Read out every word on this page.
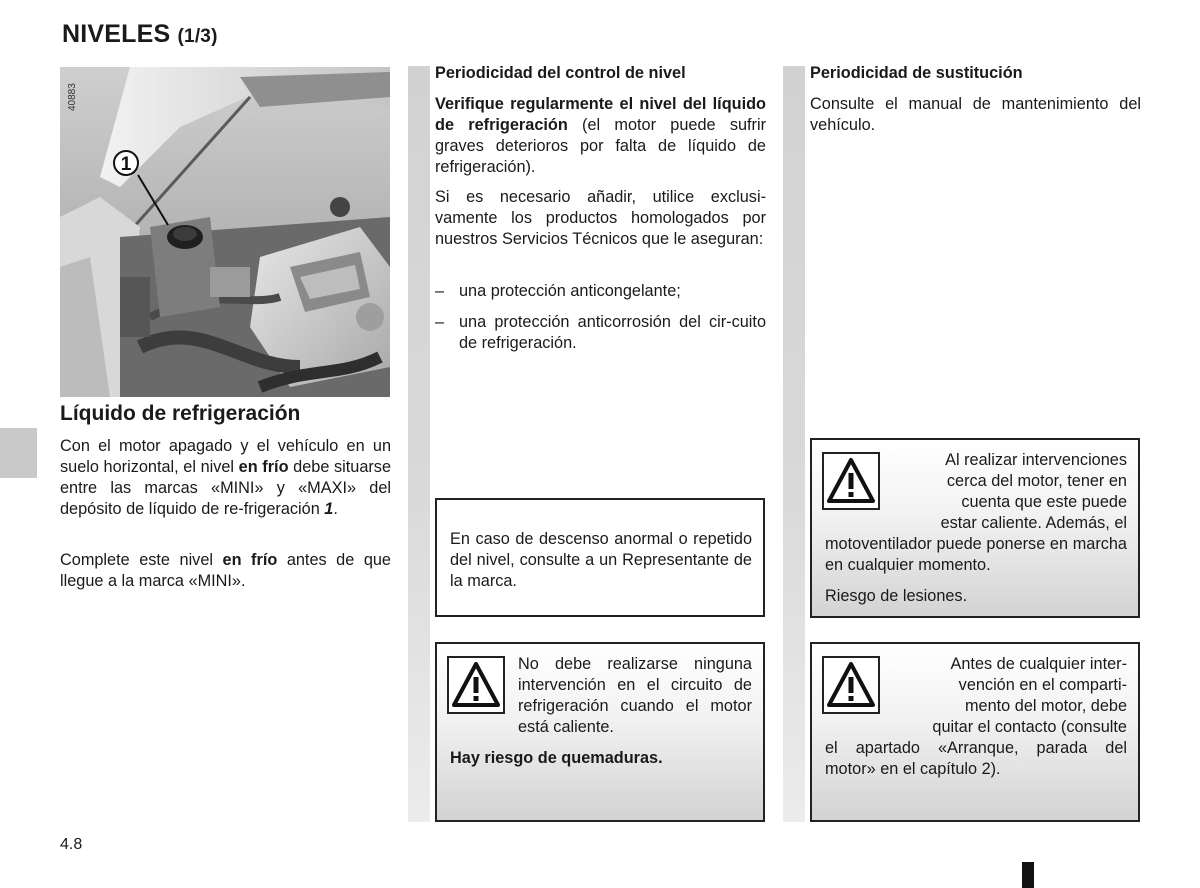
NIVELES (1/3)
1
40883
Líquido de refrigeración
Con el motor apagado y el vehículo en un suelo horizontal, el nivel en frío debe situarse entre las marcas «MINI» y «MAXI» del depósito de líquido de re-frigeración 1.
Complete este nivel en frío antes de que llegue a la marca «MINI».
Periodicidad del control de nivel
Verifique regularmente el nivel del líquido de refrigeración (el motor puede sufrir graves deterioros por falta de líquido de refrigeración).
Si es necesario añadir, utilice exclusi-vamente los productos homologados por nuestros Servicios Técnicos que le aseguran:
– una protección anticongelante;
– una protección anticorrosión del cir-cuito de refrigeración.
En caso de descenso anormal o repetido del nivel, consulte a un Representante de la marca.
No debe realizarse ninguna intervención en el circuito de refrigeración cuando el motor está caliente.
Hay riesgo de quemaduras.
Periodicidad de sustitución
Consulte el manual de mantenimiento del vehículo.
Al realizar intervenciones
cerca del motor, tener en
cuenta que este puede
estar caliente. Además, el
motoventilador puede ponerse en marcha en cualquier momento.
Riesgo de lesiones.
Antes de cualquier inter-
vención en el comparti-
mento del motor, debe
quitar el contacto (consulte
el apartado «Arranque, parada del motor» en el capítulo 2).
4.8
